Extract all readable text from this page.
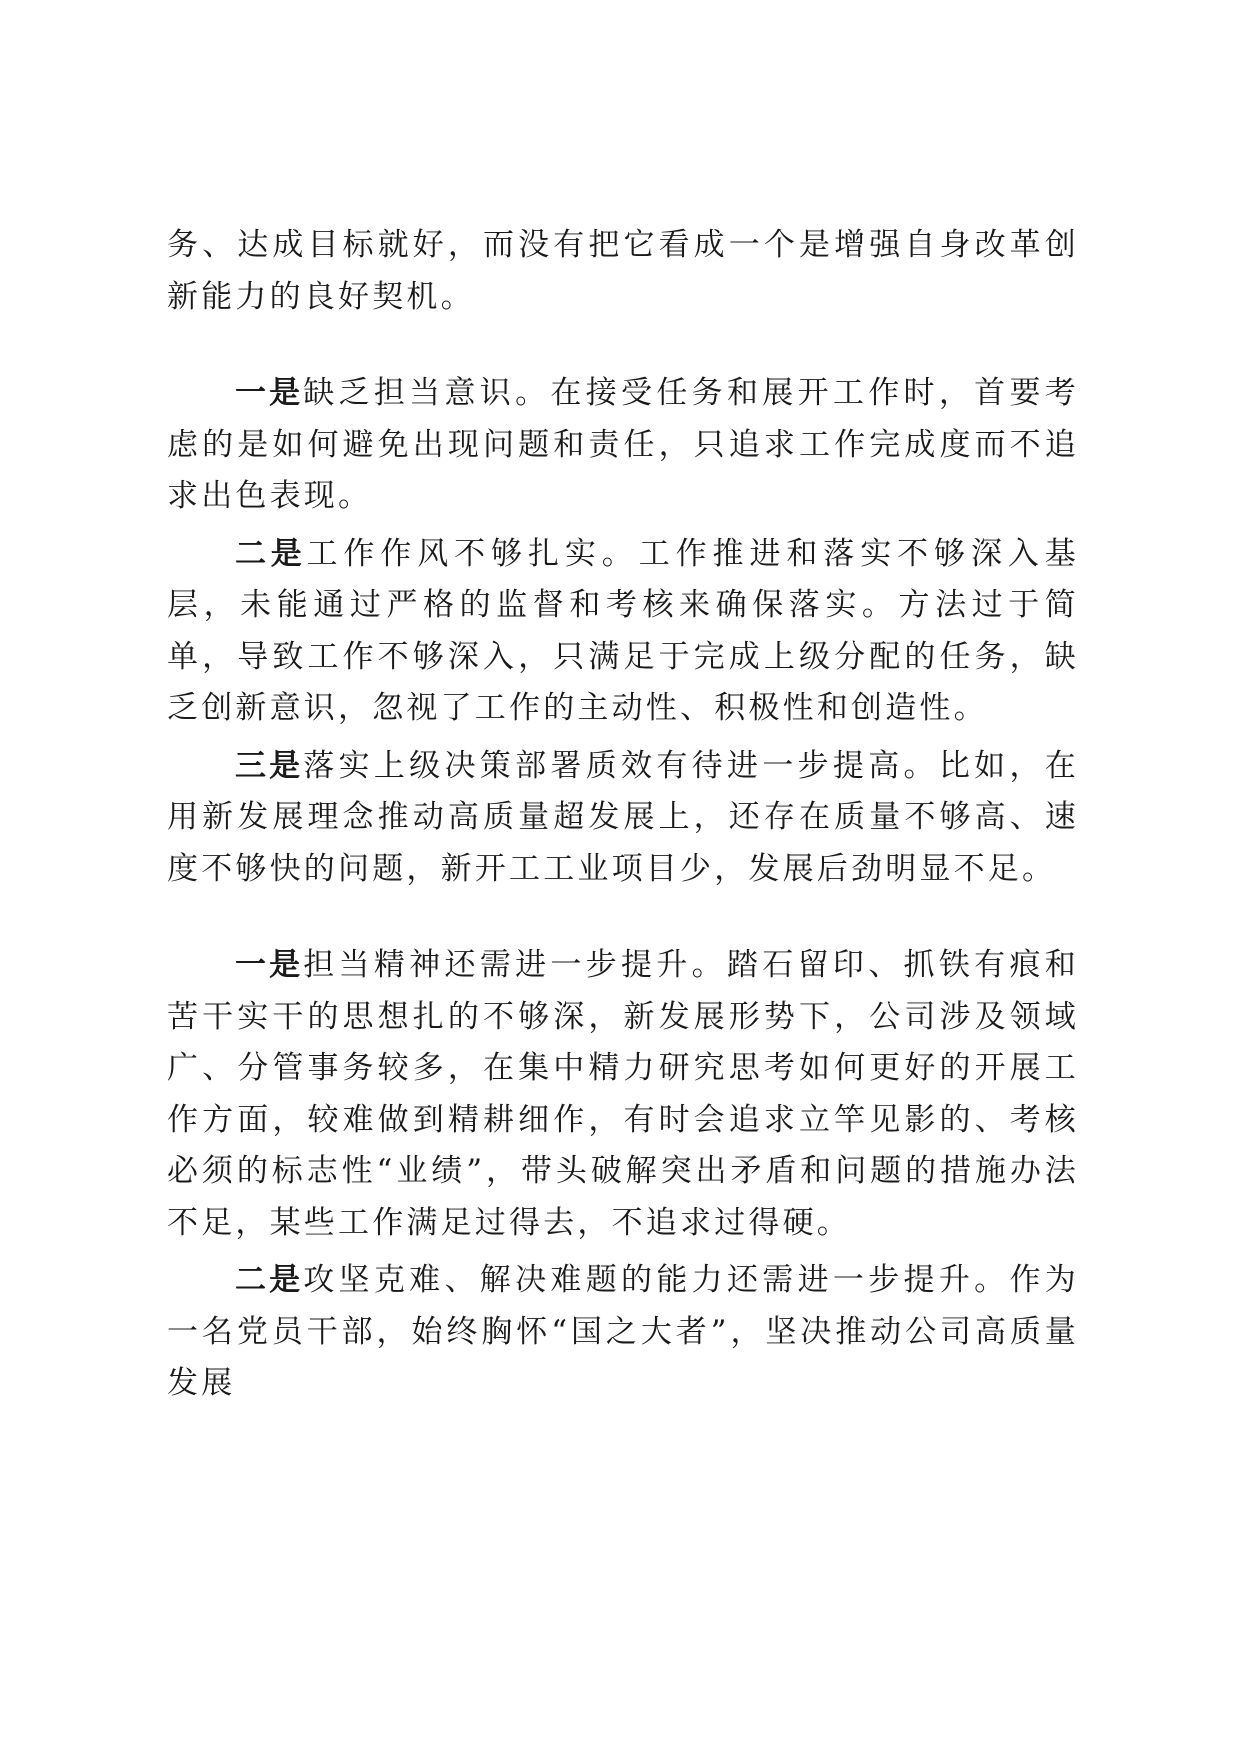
务、达成目标就好，而没有把它看成一个是增强自身改革创新能力的良好契机。

一是缺乏担当意识。在接受任务和展开工作时，首要考虑的是如何避免出现问题和责任，只追求工作完成度而不追求出色表现。

二是工作作风不够扎实。工作推进和落实不够深入基层，未能通过严格的监督和考核来确保落实。方法过于简单，导致工作不够深入，只满足于完成上级分配的任务，缺乏创新意识，忽视了工作的主动性、积极性和创造性。

三是落实上级决策部署质效有待进一步提高。比如，在用新发展理念推动高质量超发展上，还存在质量不够高、速度不够快的问题，新开工工业项目少，发展后劲明显不足。

一是担当精神还需进一步提升。踏石留印、抓铁有痕和苦干实干的思想扎的不够深，新发展形势下，公司涉及领域广、分管事务较多，在集中精力研究思考如何更好的开展工作方面，较难做到精耕细作，有时会追求立竿见影的、考核必须的标志性“业绩”，带头破解突出矛盾和问题的措施办法不足，某些工作满足过得去，不追求过得硬。

二是攻坚克难、解决难题的能力还需进一步提升。作为一名党员干部，始终胸怀“国之大者”，坚决推动公司高质量发展
